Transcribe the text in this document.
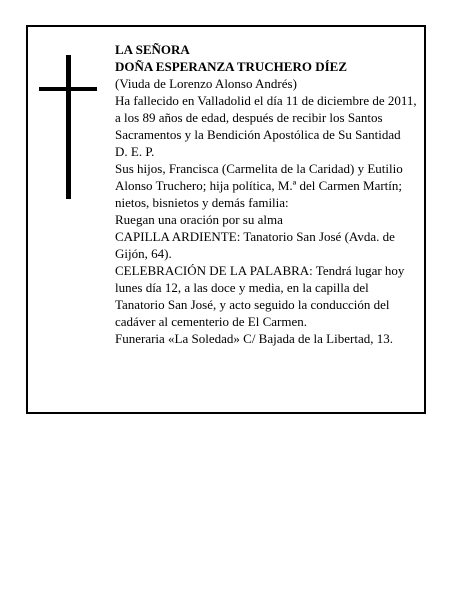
LA SEÑORA

DOÑA ESPERANZA TRUCHERO DÍEZ

(Viuda de Lorenzo Alonso Andrés)

Ha fallecido en Valladolid el día 11 de diciembre de 2011, a los 89 años de edad, después de recibir los Santos Sacramentos y la Bendición Apostólica de Su Santidad

D. E. P.

Sus hijos, Francisca (Carmelita de la Caridad) y Eutilio Alonso Truchero; hija política, M.ª del Carmen Martín; nietos, bisnietos y demás familia:

Ruegan una oración por su alma

CAPILLA ARDIENTE: Tanatorio San José (Avda. de Gijón, 64).

CELEBRACIÓN DE LA PALABRA: Tendrá lugar hoy lunes día 12, a las doce y media, en la capilla del Tanatorio San José, y acto seguido la conducción del cadáver al cementerio de El Carmen.

Funeraria «La Soledad» C/ Bajada de la Libertad, 13.
